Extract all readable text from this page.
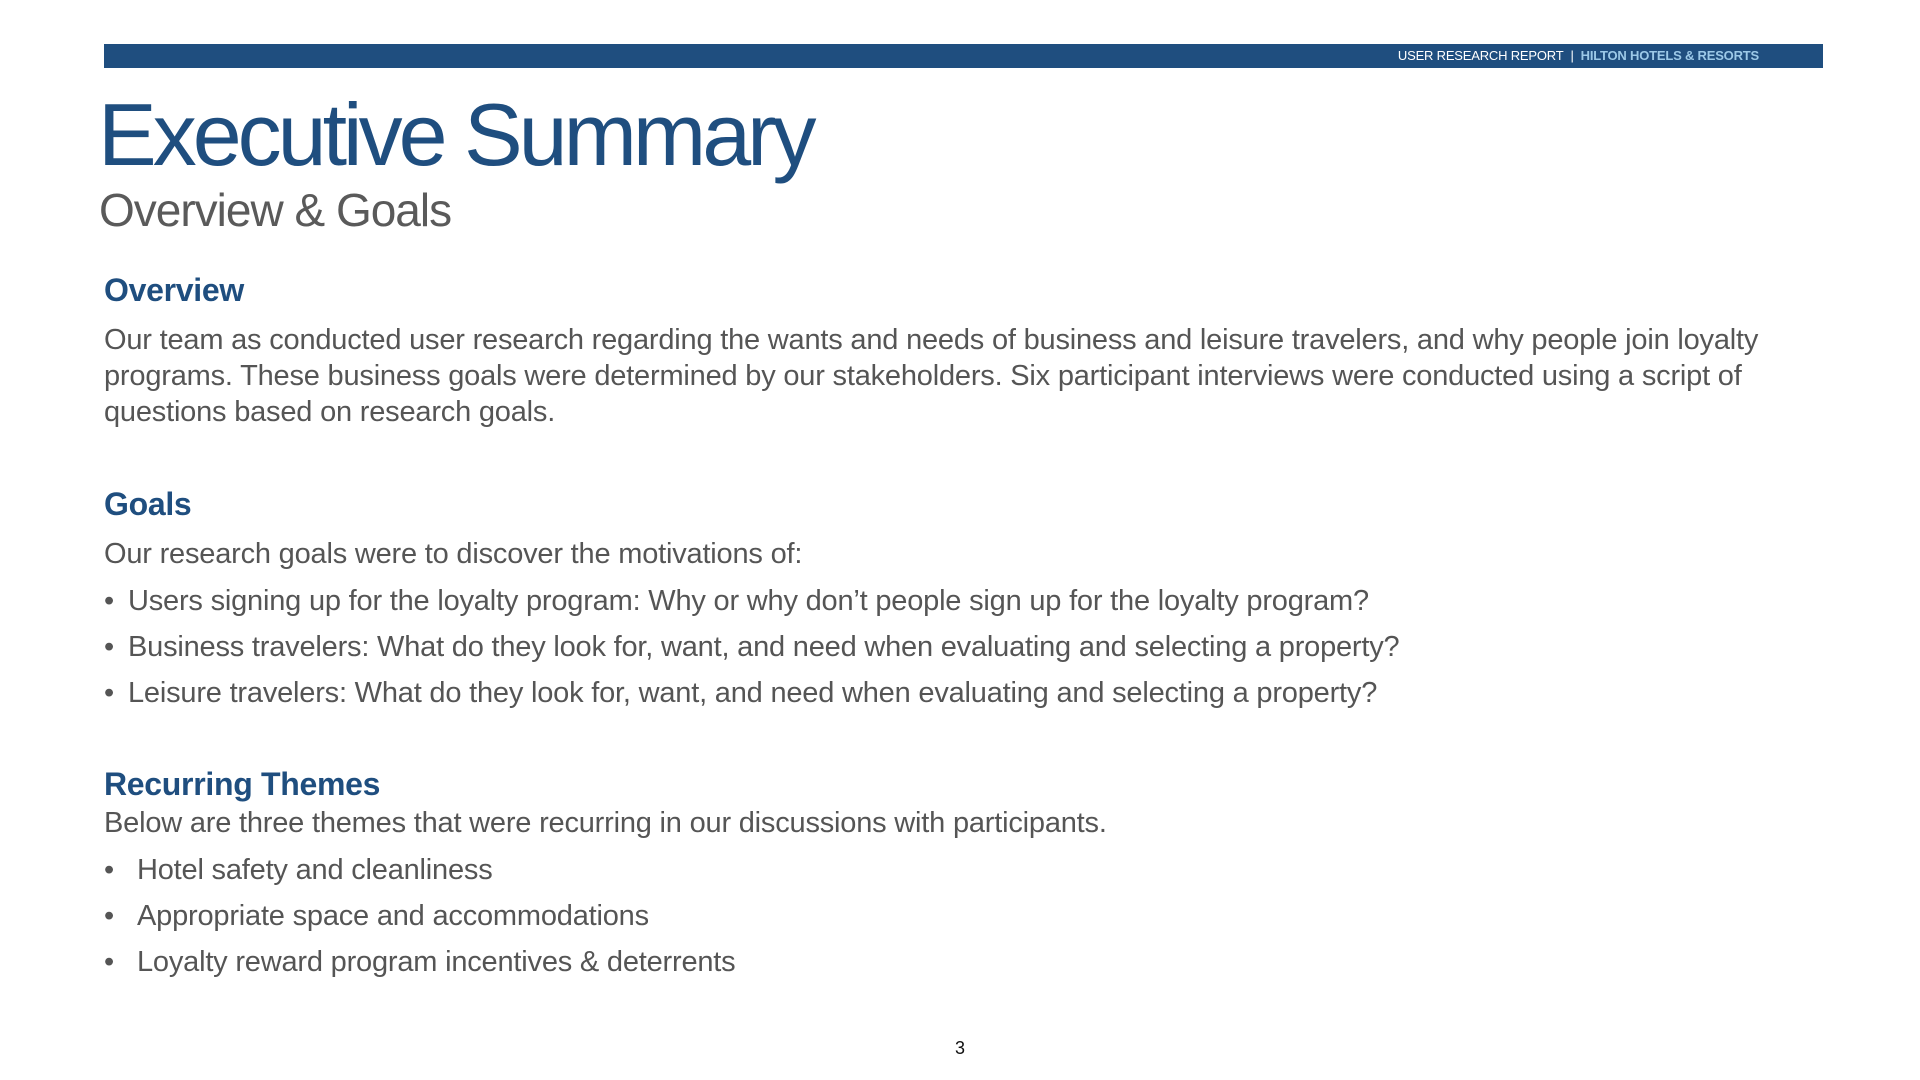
USER RESEARCH REPORT | HILTON HOTELS & RESORTS
Executive Summary
Overview & Goals
Overview

Our team as conducted user research regarding the wants and needs of business and leisure travelers, and why people join loyalty programs. These business goals were determined by our stakeholders. Six participant interviews were conducted using a script of questions based on research goals.

Goals

Our research goals were to discover the motivations of:

• Users signing up for the loyalty program: Why or why don’t people sign up for the loyalty program?
• Business travelers: What do they look for, want, and need when evaluating and selecting a property?
• Leisure travelers: What do they look for, want, and need when evaluating and selecting a property?
Recurring Themes

Below are three themes that were recurring in our discussions with participants.

• Hotel safety and cleanliness
• Appropriate space and accommodations
• Loyalty reward program incentives & deterrents
3
